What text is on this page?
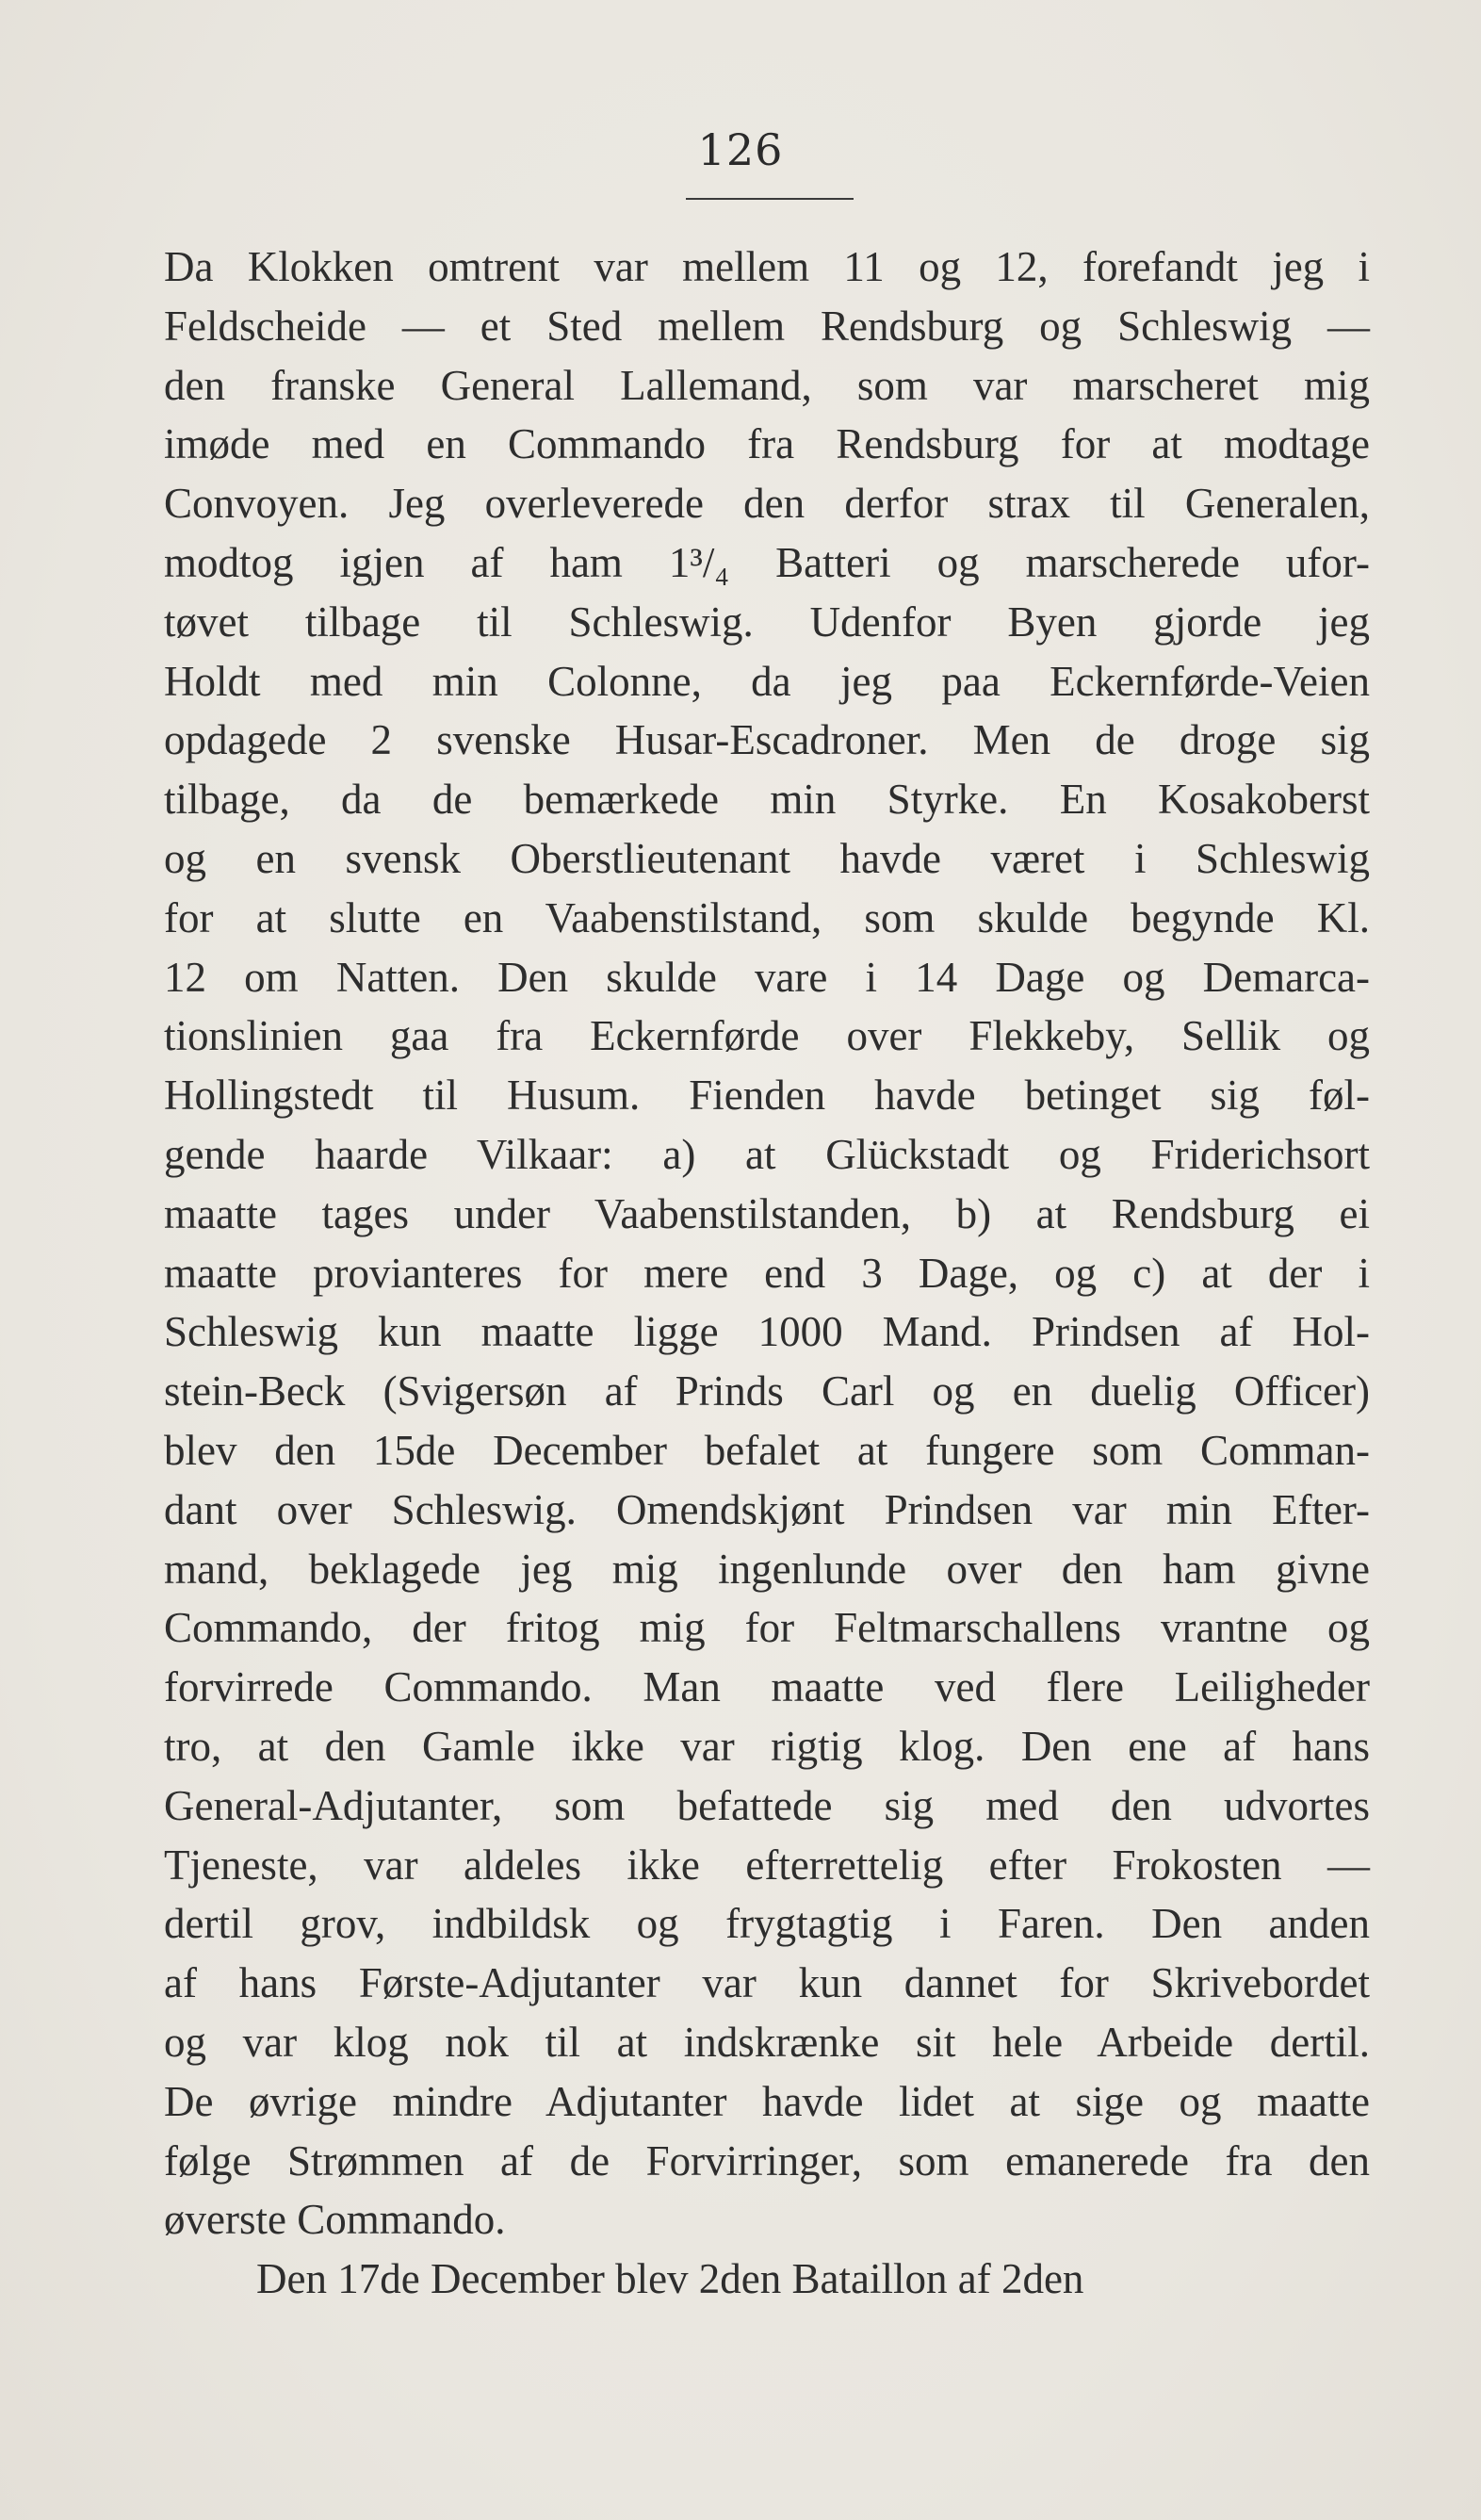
126
Da Klokken omtrent var mellem 11 og 12, forefandt jeg i
Feldscheide — et Sted mellem Rendsburg og Schleswig —
den franske General Lallemand, som var marscheret mig
imøde med en Commando fra Rendsburg for at modtage
Convoyen. Jeg overleverede den derfor strax til Generalen,
modtog igjen af ham 1³/₄ Batteri og marscherede ufor-
tøvet tilbage til Schleswig. Udenfor Byen gjorde jeg
Holdt med min Colonne, da jeg paa Eckernførde-Veien
opdagede 2 svenske Husar-Escadroner. Men de droge sig
tilbage, da de bemærkede min Styrke. En Kosakoberst
og en svensk Oberstlieutenant havde været i Schleswig
for at slutte en Vaabenstilstand, som skulde begynde Kl.
12 om Natten. Den skulde vare i 14 Dage og Demarca-
tionslinien gaa fra Eckernførde over Flekkeby, Sellik og
Hollingstedt til Husum. Fienden havde betinget sig føl-
gende haarde Vilkaar: a) at Glückstadt og Friderichsort
maatte tages under Vaabenstilstanden, b) at Rendsburg ei
maatte provianteres for mere end 3 Dage, og c) at der i
Schleswig kun maatte ligge 1000 Mand. Prindsen af Hol-
stein-Beck (Svigersøn af Prinds Carl og en duelig Officer)
blev den 15de December befalet at fungere som Comman-
dant over Schleswig. Omendskjønt Prindsen var min Efter-
mand, beklagede jeg mig ingenlunde over den ham givne
Commando, der fritog mig for Feltmarschallens vrantne og
forvirrede Commando. Man maatte ved flere Leiligheder
tro, at den Gamle ikke var rigtig klog. Den ene af hans
General-Adjutanter, som befattede sig med den udvortes
Tjeneste, var aldeles ikke efterrettelig efter Frokosten —
dertil grov, indbildsk og frygtagtig i Faren. Den anden
af hans Første-Adjutanter var kun dannet for Skrivebordet
og var klog nok til at indskrænke sit hele Arbeide dertil.
De øvrige mindre Adjutanter havde lidet at sige og maatte
følge Strømmen af de Forvirringer, som emanerede fra den
øverste Commando.
Den 17de December blev 2den Bataillon af 2den
